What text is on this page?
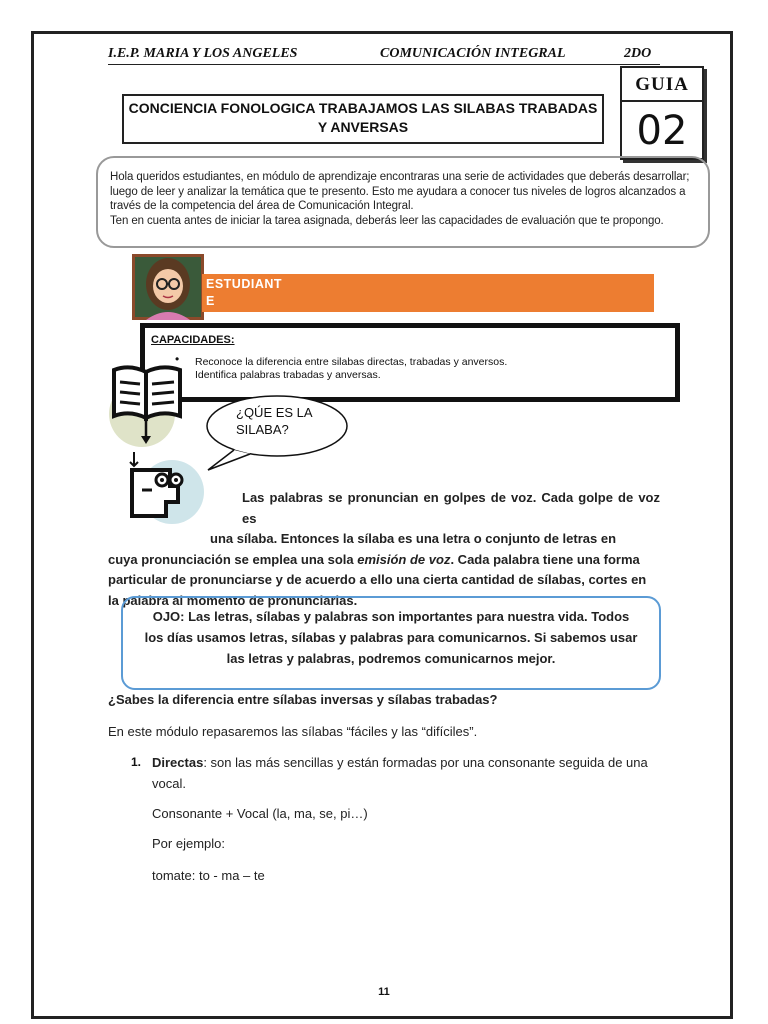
I.E.P. MARIA Y LOS ANGELES	COMUNICACIÓN INTEGRAL	2DO
GUIA
02
CONCIENCIA FONOLOGICA TRABAJAMOS LAS SILABAS TRABADAS
Y ANVERSAS

Hola queridos estudiantes, en módulo de aprendizaje encontraras una serie de actividades que deberás desarrollar; luego de leer y analizar la temática que te presento. Esto me ayudara a conocer tus niveles de logros alcanzados a través de la competencia del área de Comunicación Integral.

Ten en cuenta antes de iniciar la tarea asignada, deberás leer las capacidades de evaluación que te propongo.

ESTUDIANT
E
CAPACIDADES:
• Reconoce la diferencia entre silabas directas, trabadas y anversos.
• Identifica palabras trabadas y anversas.
¿QÚE ES LA
SILABA?
Las palabras se pronuncian en golpes de voz. Cada golpe de voz es
una sílaba. Entonces la sílaba es una letra o conjunto de letras en
cuya pronunciación se emplea una sola emisión de voz. Cada palabra tiene una forma
particular de pronunciarse y de acuerdo a ello una cierta cantidad de sílabas, cortes en
la palabra al momento de pronunciarlas.
OJO: Las letras, sílabas y palabras son importantes para nuestra vida. Todos
los días usamos letras, sílabas y palabras para comunicarnos. Si sabemos usar
las letras y palabras, podremos comunicarnos mejor.
¿Sabes la diferencia entre sílabas inversas y sílabas trabadas?
En este módulo repasaremos las sílabas “fáciles y las “difíciles”.
1. Directas: son las más sencillas y están formadas por una consonante seguida de una vocal.
Consonante + Vocal (la, ma, se, pi…)
Por ejemplo:
tomate: to - ma – te
11
